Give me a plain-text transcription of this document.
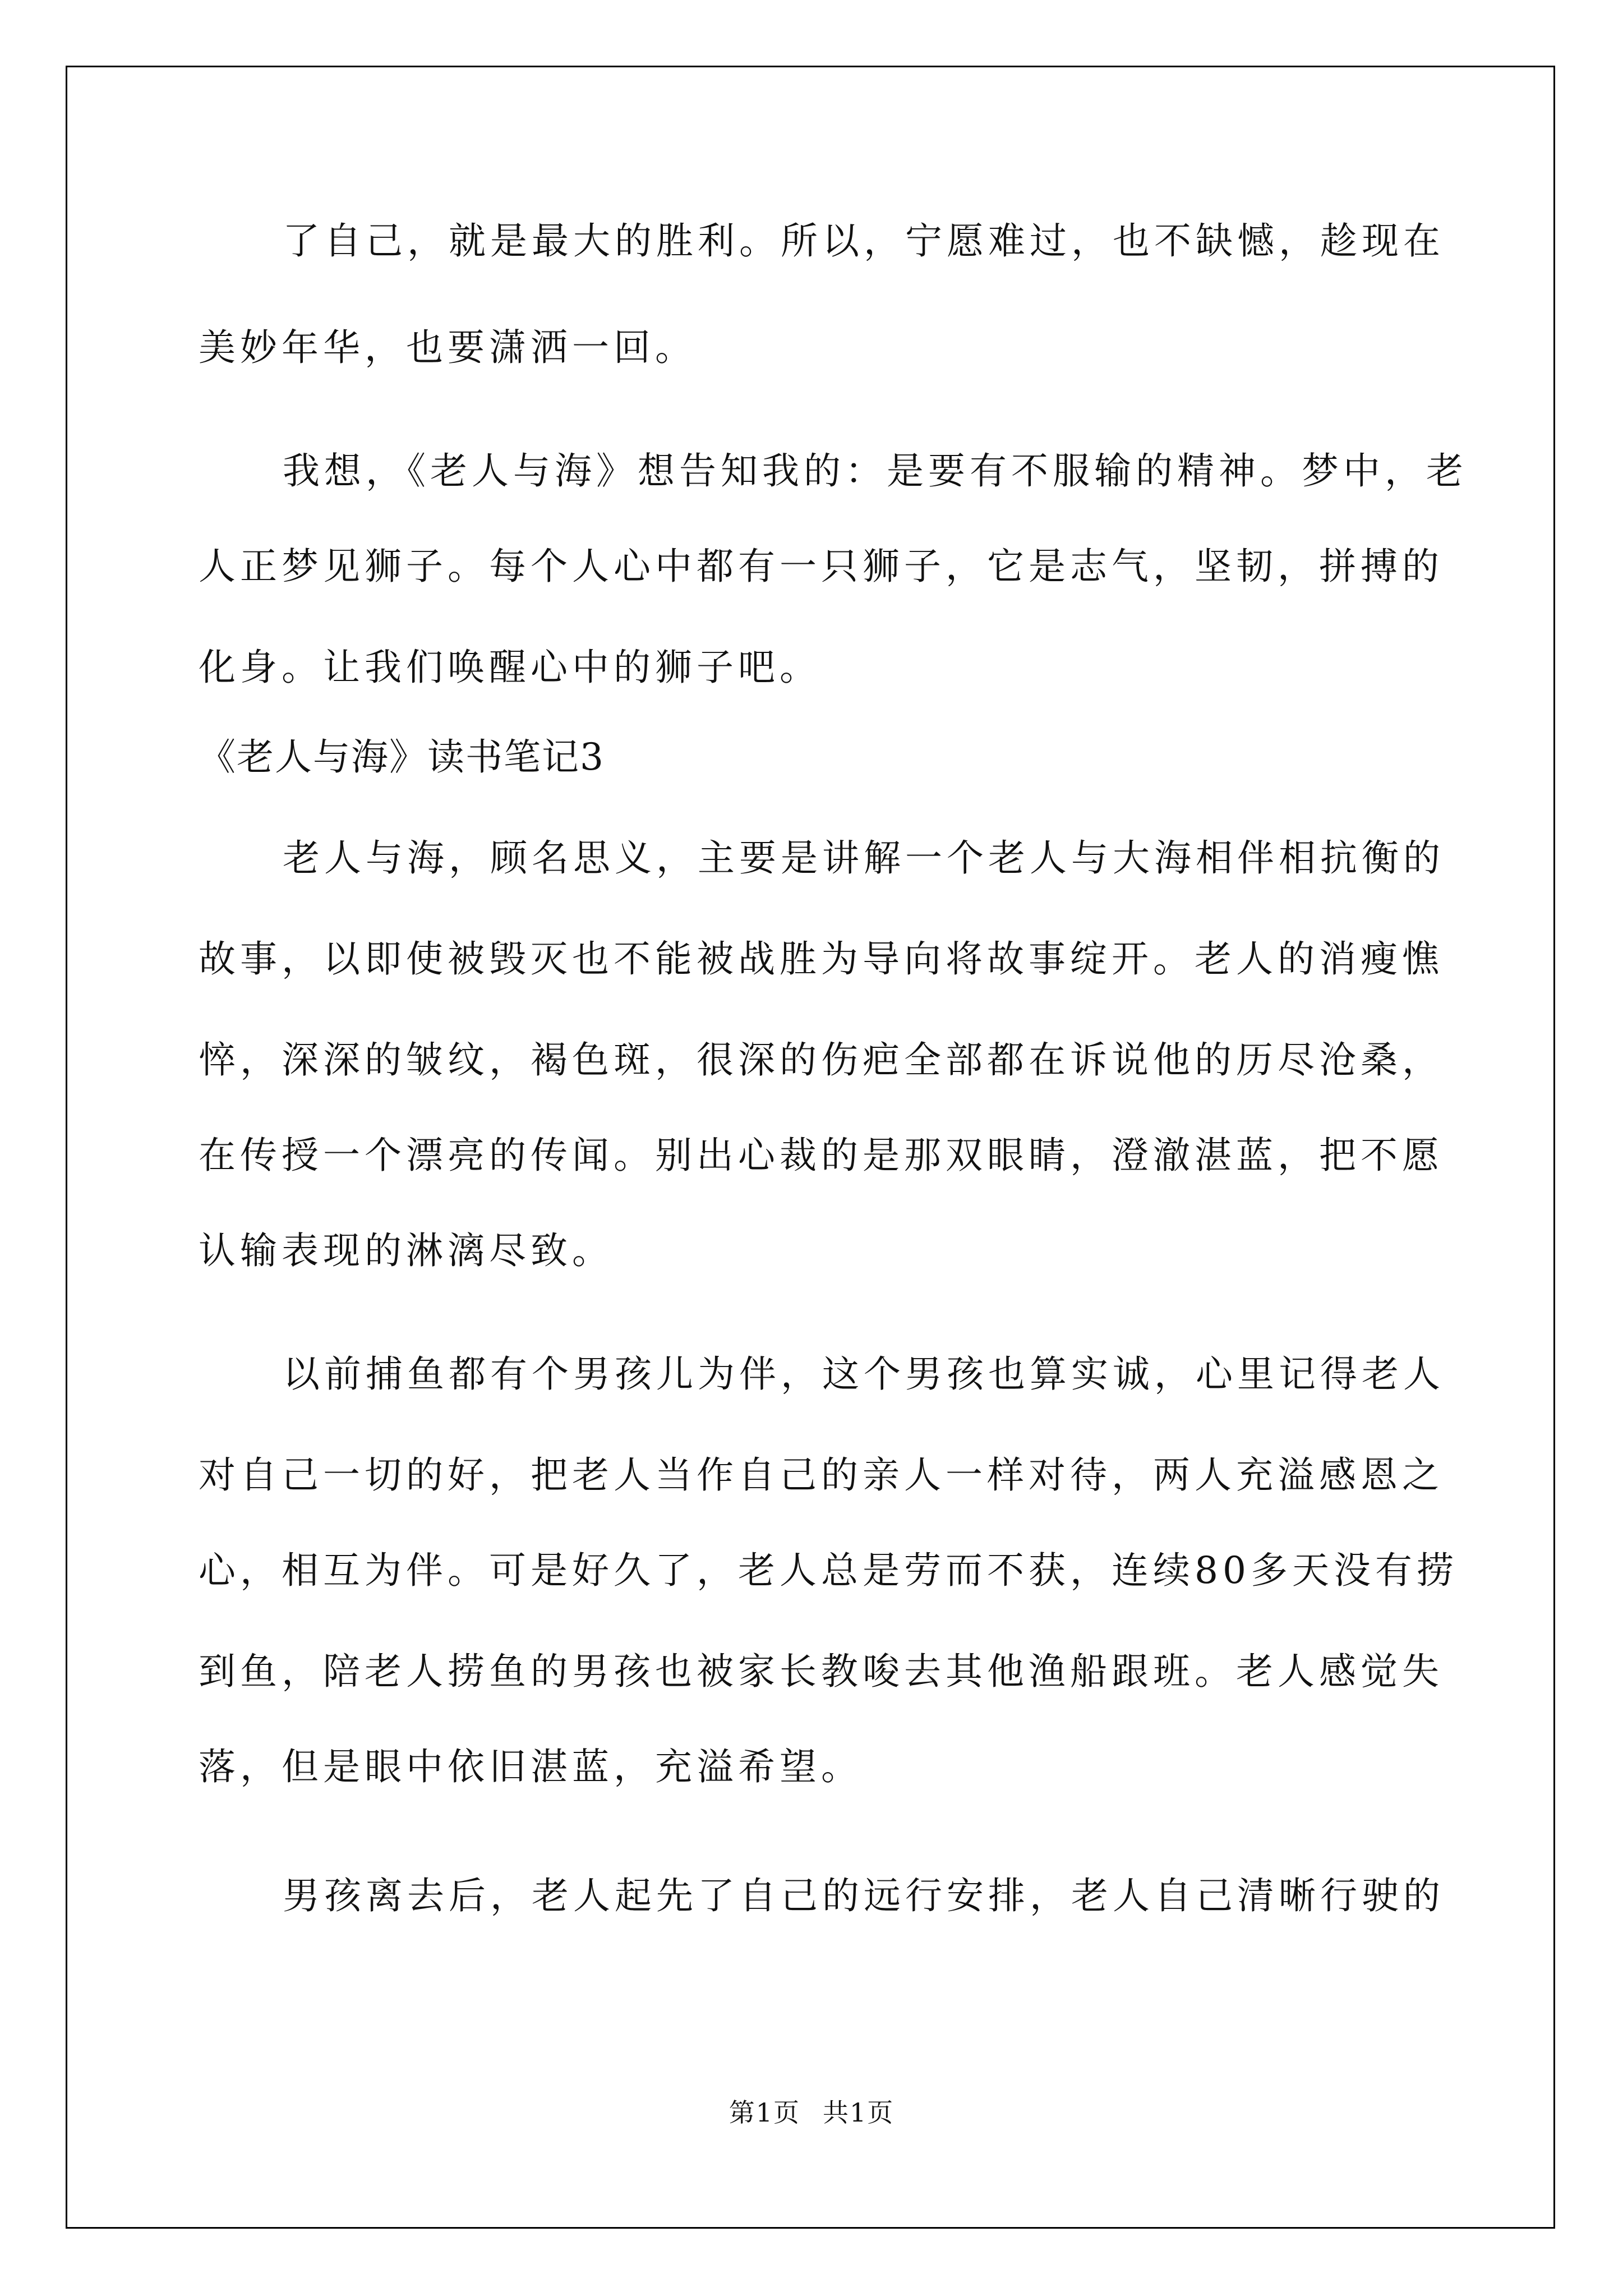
了自己，就是最大的胜利。所以，宁愿难过，也不缺憾，趁现在
美妙年华，也要潇洒一回。
我想，《老人与海》想告知我的：是要有不服输的精神。梦中，老
人正梦见狮子。每个人心中都有一只狮子，它是志气，坚韧，拼搏的
化身。让我们唤醒心中的狮子吧。
《老人与海》读书笔记3
老人与海，顾名思义，主要是讲解一个老人与大海相伴相抗衡的
故事，以即使被毁灭也不能被战胜为导向将故事绽开。老人的消瘦憔
悴，深深的皱纹，褐色斑，很深的伤疤全部都在诉说他的历尽沧桑，
在传授一个漂亮的传闻。别出心裁的是那双眼睛，澄澈湛蓝，把不愿
认输表现的淋漓尽致。
以前捕鱼都有个男孩儿为伴，这个男孩也算实诚，心里记得老人
对自己一切的好，把老人当作自己的亲人一样对待，两人充溢感恩之
心，相互为伴。可是好久了，老人总是劳而不获，连续80多天没有捞
到鱼，陪老人捞鱼的男孩也被家长教唆去其他渔船跟班。老人感觉失
落，但是眼中依旧湛蓝，充溢希望。
男孩离去后，老人起先了自己的远行安排，老人自己清晰行驶的
第1页 共1页
